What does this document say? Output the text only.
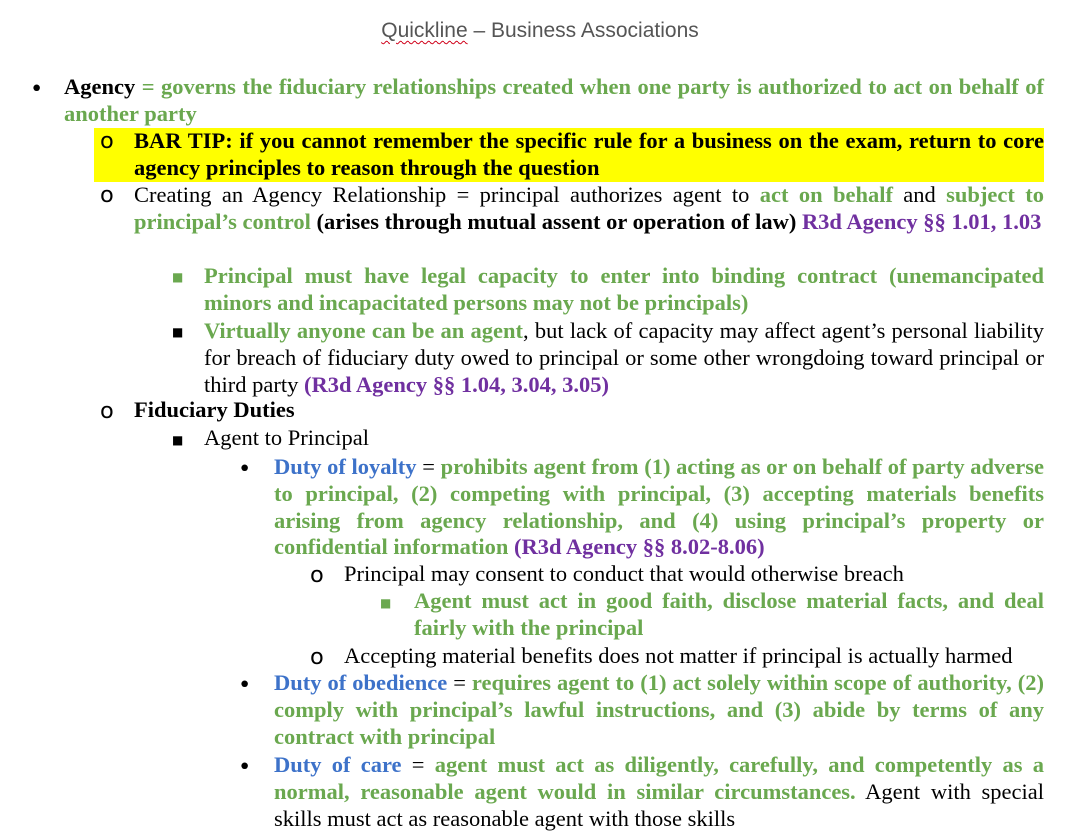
Quickline – Business Associations
• Agency = governs the fiduciary relationships created when one party is authorized to act on behalf of another party
o BAR TIP: if you cannot remember the specific rule for a business on the exam, return to core agency principles to reason through the question
o Creating an Agency Relationship = principal authorizes agent to act on behalf and subject to principal’s control (arises through mutual assent or operation of law) R3d Agency §§ 1.01, 1.03
■ Principal must have legal capacity to enter into binding contract (unemancipated minors and incapacitated persons may not be principals)
■ Virtually anyone can be an agent, but lack of capacity may affect agent’s personal liability for breach of fiduciary duty owed to principal or some other wrongdoing toward principal or third party (R3d Agency §§ 1.04, 3.04, 3.05)
o Fiduciary Duties
■ Agent to Principal
• Duty of loyalty = prohibits agent from (1) acting as or on behalf of party adverse to principal, (2) competing with principal, (3) accepting materials benefits arising from agency relationship, and (4) using principal’s property or confidential information (R3d Agency §§ 8.02-8.06)
o Principal may consent to conduct that would otherwise breach
■ Agent must act in good faith, disclose material facts, and deal fairly with the principal
o Accepting material benefits does not matter if principal is actually harmed
• Duty of obedience = requires agent to (1) act solely within scope of authority, (2) comply with principal’s lawful instructions, and (3) abide by terms of any contract with principal
• Duty of care = agent must act as diligently, carefully, and competently as a normal, reasonable agent would in similar circumstances. Agent with special skills must act as reasonable agent with those skills
